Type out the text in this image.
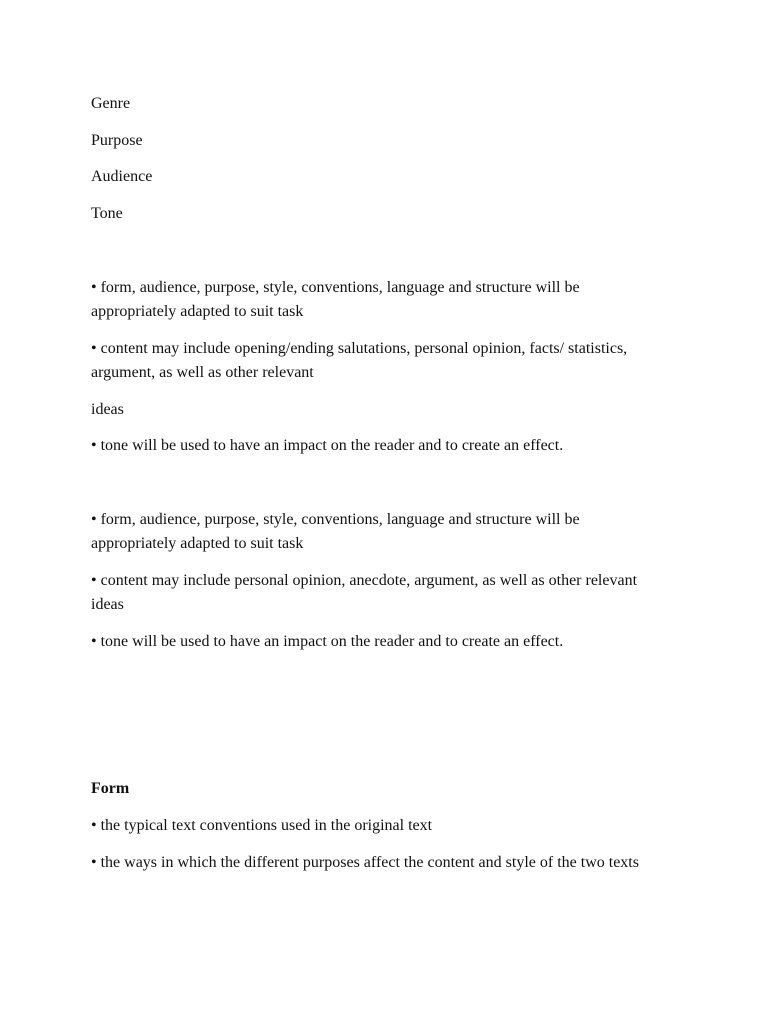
Genre

Purpose

Audience

Tone

• form, audience, purpose, style, conventions, language and structure will be appropriately adapted to suit task

• content may include opening/ending salutations, personal opinion, facts/ statistics, argument, as well as other relevant

ideas

• tone will be used to have an impact on the reader and to create an effect.

• form, audience, purpose, style, conventions, language and structure will be appropriately adapted to suit task

• content may include personal opinion, anecdote, argument, as well as other relevant ideas

• tone will be used to have an impact on the reader and to create an effect.

Form

• the typical text conventions used in the original text

• the ways in which the different purposes affect the content and style of the two texts
